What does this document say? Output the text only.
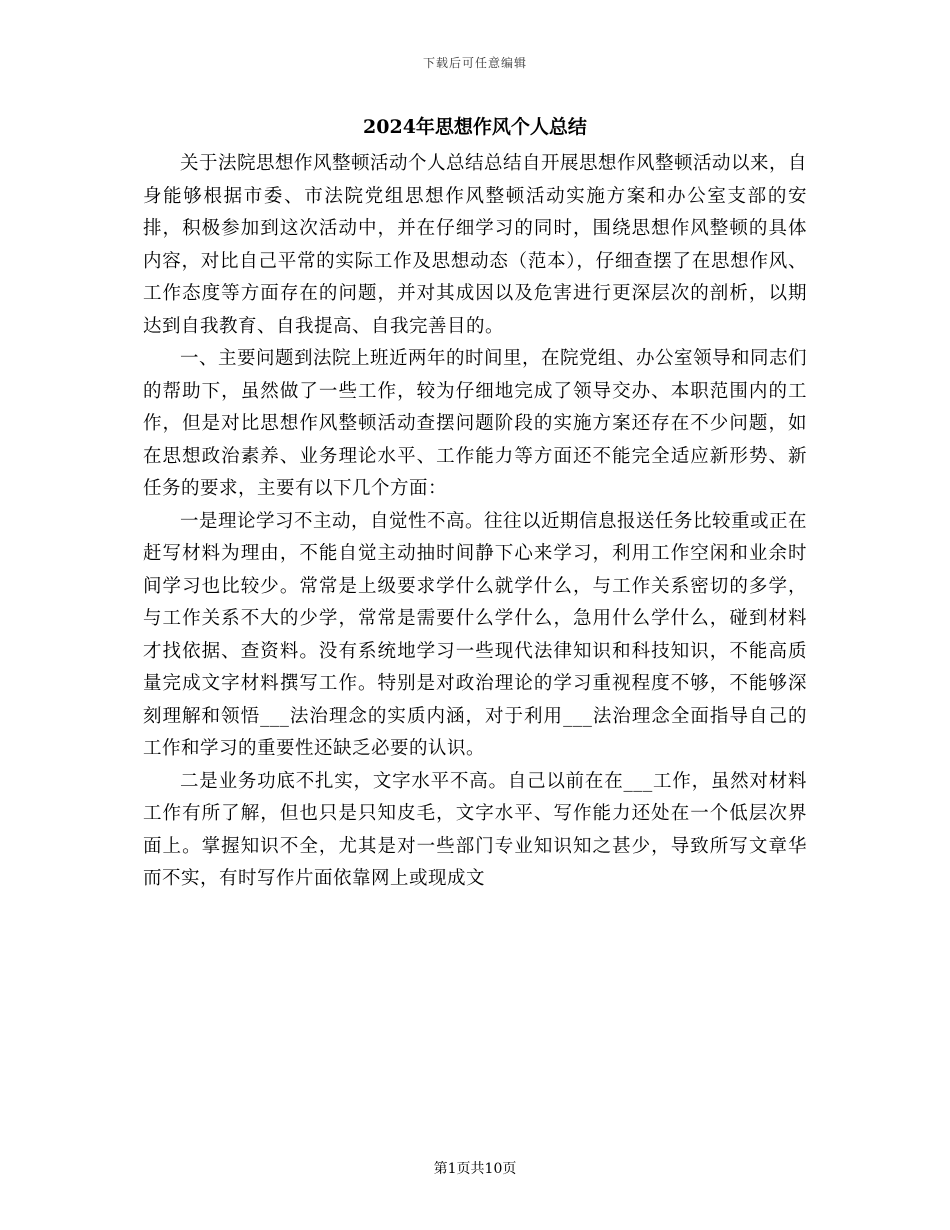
下载后可任意编辑
2024年思想作风个人总结

关于法院思想作风整顿活动个人总结总结自开展思想作风整顿活动以来，自身能够根据市委、市法院党组思想作风整顿活动实施方案和办公室支部的安排，积极参加到这次活动中，并在仔细学习的同时，围绕思想作风整顿的具体内容，对比自己平常的实际工作及思想动态（范本），仔细查摆了在思想作风、工作态度等方面存在的问题，并对其成因以及危害进行更深层次的剖析，以期达到自我教育、自我提高、自我完善目的。

一、主要问题到法院上班近两年的时间里，在院党组、办公室领导和同志们的帮助下，虽然做了一些工作，较为仔细地完成了领导交办、本职范围内的工作，但是对比思想作风整顿活动查摆问题阶段的实施方案还存在不少问题，如在思想政治素养、业务理论水平、工作能力等方面还不能完全适应新形势、新任务的要求，主要有以下几个方面：

一是理论学习不主动，自觉性不高。往往以近期信息报送任务比较重或正在赶写材料为理由，不能自觉主动抽时间静下心来学习，利用工作空闲和业余时间学习也比较少。常常是上级要求学什么就学什么，与工作关系密切的多学，与工作关系不大的少学，常常是需要什么学什么，急用什么学什么，碰到材料才找依据、查资料。没有系统地学习一些现代法律知识和科技知识，不能高质量完成文字材料撰写工作。特别是对政治理论的学习重视程度不够，不能够深刻理解和领悟___法治理念的实质内涵，对于利用___法治理念全面指导自己的工作和学习的重要性还缺乏必要的认识。

二是业务功底不扎实，文字水平不高。自己以前在在___工作，虽然对材料工作有所了解，但也只是只知皮毛，文字水平、写作能力还处在一个低层次界面上。掌握知识不全，尤其是对一些部门专业知识知之甚少，导致所写文章华而不实，有时写作片面依靠网上或现成文

第1页共10页
